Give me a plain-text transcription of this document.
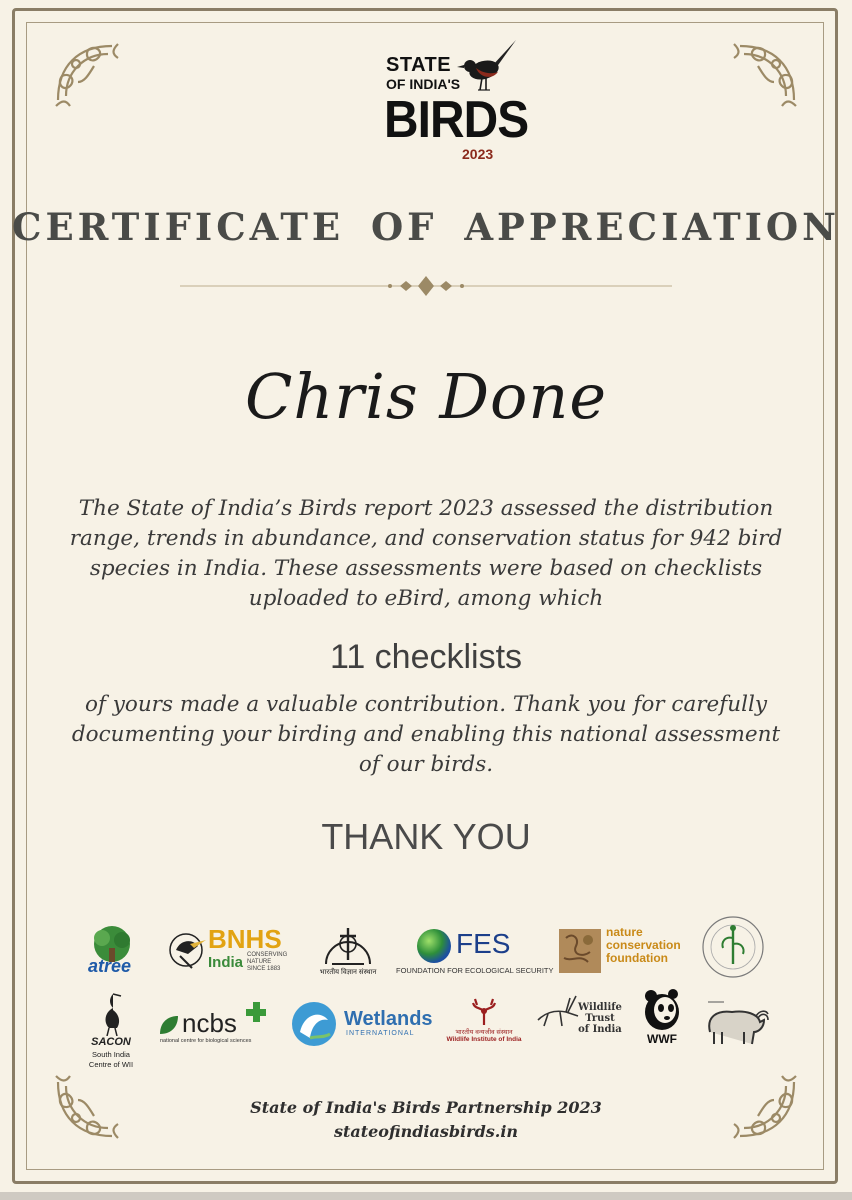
STATE
OF INDIA'S
BIRDS
2023
CERTIFICATE OF APPRECIATION
Chris Done
The State of India’s Birds report 2023 assessed the distribution range, trends in abundance, and conservation status for 942 bird species in India. These assessments were based on checklists uploaded to eBird, among which
11 checklists
of yours made a valuable contribution. Thank you for carefully documenting your birding and enabling this national assessment of our birds.
THANK YOU
atree
BNHS
India CONSERVING NATURE SINCE 1883	भारतीय विज्ञान संस्थान
FES
FOUNDATION FOR ECOLOGICAL SECURITY
nature
conservation
foundation
SACON
South India
Centre of WII
ncbs
national centre for biological sciences
Wetlands
INTERNATIONAL	भारतीय वन्यजीव संस्थान
Wildlife Institute of India
Wildlife
Trust
of India
WWF
State of India's Birds Partnership 2023
stateofindiasbirds.in
